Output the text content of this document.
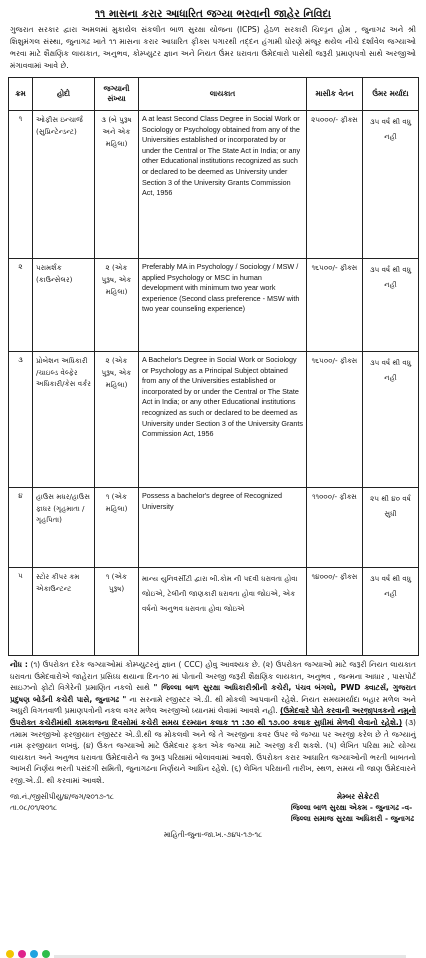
૧૧ માસના કરાર આધારિત જગ્યા ભરવાની જાહેર નિવિદા
ગુજરાત સરકાર દ્વારા અમલમાં મુકાયેલ સંકલીત બાળ સુરક્ષા યોજના (ICPS) હેઠળ સરકારી ચિલ્ડ્રન હોમ , જુનાગઢ અને શ્રી શિશુમંગલ સંસ્થા, જુનાગઢ ખાતે ૧૧ માસના કરાર આધારિત ફીક્સ પગારથી તદ્દન હંગામી ધોરણે મંજૂર થયેલ નીચે દર્શાવેલ જગ્યાઓ ભરવા માટે શૈક્ષણિક લાયકાત, અનુભવ, કોમ્પ્યુટર જ્ઞાન અને નિયત ઉંમર ધરાવતા ઉમેદવારો પાસેથી જરૂરી પ્રમાણપત્રો સાથે અરજીઓ મંગાવવામાં આવે છે.
ક્રમ	હોદો	જગ્યાની સંખ્યા	લાયકાત	માસીક વેતન	ઉંમર મર્યાદા
૧	ઓફીસ ઇન્ચાર્જ (સુપ્રિન્ટેન્ડન્ટ)	૩ (બે પુરૂષ અને એક મહિલા)	A at least Second Class Degree in Social Work or Sociology or Psychology obtained from any of the Universities established or incorporated by or under the Central or The State Act in India; or any other Educational institutions recognized as such or declared to be deemed as University under Section 3 of the University Grants Commission Act, 1956	૨૫૦૦૦/- ફીક્સ	૩૫ વર્ષ થી વધુ નહી
૨	પરામર્શક (કાઉન્સેલર)	૨ (એક પુરૂષ, એક મહિલા)	Preferably MA in Psychology / Sociology / MSW / applied Psychology or MSC in human development with minimum two year work experience (Second class preference - MSW with two year counseling experience)	૧૬૫૦૦/- ફીક્સ	૩૫ વર્ષ થી વધુ નહી
૩	પ્રોબેશન અધિકારી /ચાઇલ્ડ વેલ્ફેર અધિકારી/કેસ વર્કર	૨ (એક પુરૂષ, એક મહિલા)	A Bachelor's Degree in Social Work or Sociology or Psychology as a Principal Subject obtained from any of the Universities established or incorporated by or under the Central or The State Act in India; or any other Educational institutions recognized as such or declared to be deemed as University under Section 3 of the University Grants Commission Act, 1956	૧૬૫૦૦/- ફીક્સ	૩૫ વર્ષ થી વધુ નહી
૪	હાઉસ મધર/હાઉસ ફાધર (ગૃહમાતા / ગૃહપિતા)	૧ (એક મહિલા)	Possess a bachelor's degree of Recognized University	૧૧૦૦૦/- ફીક્સ	૨૫ થી ૪૦ વર્ષ સુધી
૫	સ્ટોર કીપર કમ એકાઉન્ટન્ટ	૧ (એક પુરૂષ)	માન્ય યુનિવર્સીટી દ્વારા બી.કોમ ની પદવી ધરાવતા હોવા જોઇએ, ટેલીની જાણકારી ધરાવતા હોવા જોઇએ, એક વર્ષનો અનુભવ ધરાવતા હોવા જોઇએ	૧૪૦૦૦/- ફીક્સ	૩૫ વર્ષ થી વધુ નહી
નોંધ : (૧) ઉપરોક્ત દરેક જગ્યાઓમાં કોમ્પ્યુટરનું જ્ઞાન ( CCC) હોવુ આવશ્યક છે. (૨) ઉપરોક્ત જગ્યાઓ માટે જરૂરી નિયત લાયકાત ધરાવતા ઉમેદવારોએ જાહેરાત પ્રસિધ્ધ થયાના દિન-૧૦ માં પોતાની અરજી જરૂરી શૈક્ષણિક લાયકાત, અનુભવ , જન્મના આધાર , પાસપોર્ટ સાઇઝનો ફોટો વિગેરેની પ્રમાણિત નકલો સાથે " જિલ્લા બાળ સુરક્ષા અધિકારીશ્રીની કચેરી, પંચવ બંગલો, PWD ક્વાટર્સ, ગુજરાત પ્રદુષણ બોર્ડની કચેરી પાસે, જુનાગઢ " ના સરનામે રજીસ્ટર એ.ડી. થી મોકલી આપવાની રહેશે. નિયત સમયમર્યાદા બહાર મળેલ અને અધુરી વિગતવાળી પ્રમાણપત્રોની નકલ વગર મળેલ અરજીઓ ધ્યાનમાં લેવામાં આવશે નહી. (ઉમેદવારે પોતે કરવાની અરજીપત્રકનો નમુનો ઉપરોક્ત કચેરીમાંથી કામકાજના દિવસોમાં કચેરી સમય દરમ્યાન કલાક ૧૧ :૩૦ થી ૧૭.૦૦ કલાક સુધીમાં મેળવી લેવાનો રહેશે.) (૩) તમામ અરજીઓ ફરજીયાત રજીસ્ટર એ.ડી.થી જ મોકલવી અને જે તે અરજીના કવર ઉપર જે જગ્યા પર અરજી કરેલ છે તે જગ્યાનું નામ ફરજીયાત લખવું. (૪) ઉકત જગ્યાઓ માટે ઉમેદવાર ફક્ત એક જગ્યા માટે અરજી કરી શકશે. (૫) લેખિત પરિક્ષા માટે યોગ્ય લાયકાત અને અનુભવ ધરાવતા ઉમેદવારોને જ રૂબરૂ પરિક્ષામાં બોલાવવામાં આવશે. ઉપરોક્ત કરાર આધારિત જગ્યાઓની ભરતી બાબતનો આખરી નિર્ણય ભરતી પસંદગી સમિતી, જુનાગઢના નિર્ણયને આધિન રહેશે. (૬) લેખિત પરિક્ષાની તારીખ, સ્થળ, સમય ની જાણ ઉમેદવારને રજી.એ.ડી. થી કરવામાં આવશે.
જા.નં./જીસીપીયુ/૪/જગ/૨૦૧૭-૧૮
તા.૦૮/૦૧/૨૦૧૮
મેમ્બર સેક્રેટરી
જિલ્લા બાળ સુરક્ષા એકમ - જુનાગઢ -વ-
જિલ્લા સમાજ સુરક્ષા અધિકારી - જુનાગઢ
માહિતી-જુના-જા.ખ.-૭૪૫-૧૭-૧૮
